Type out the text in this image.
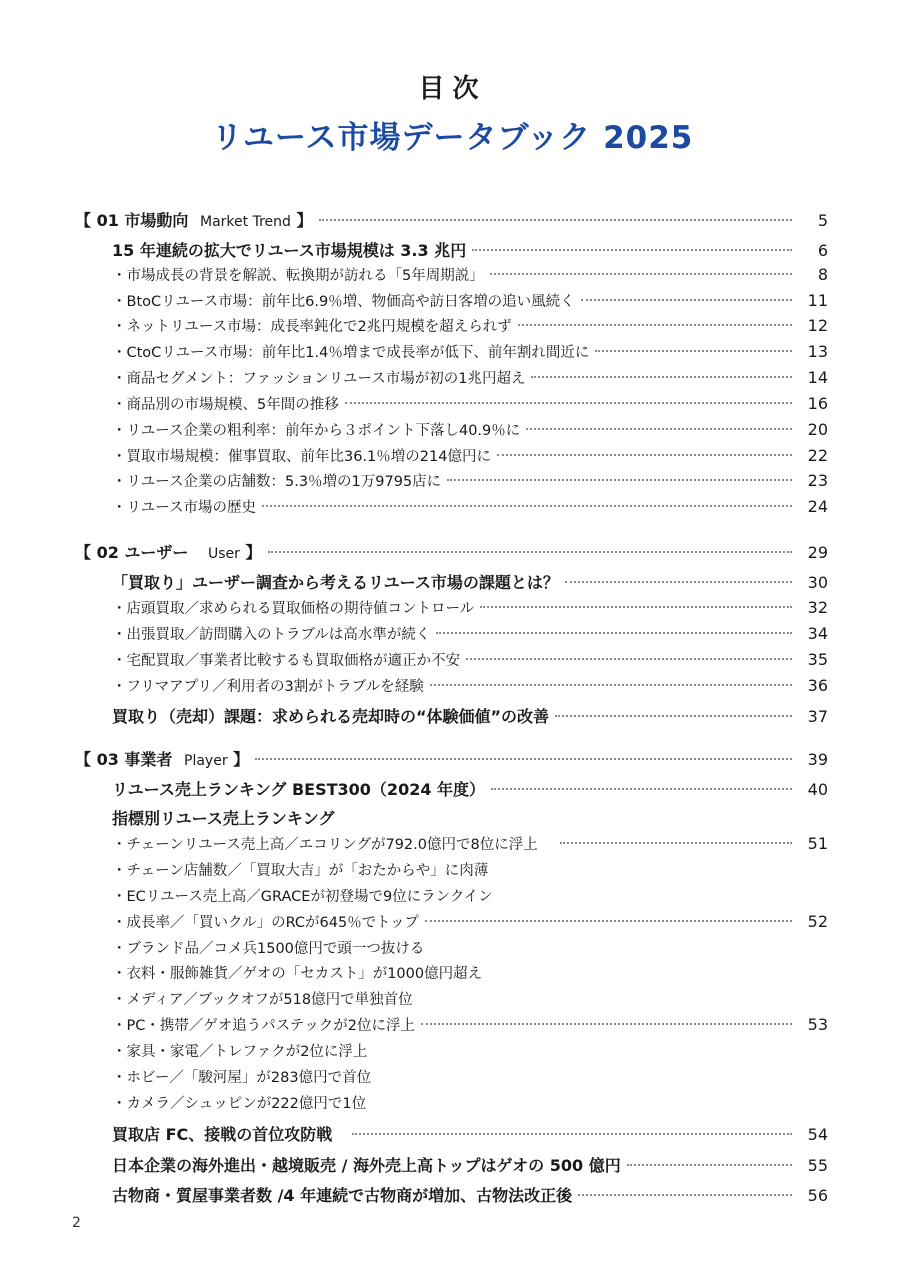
目次
リユース市場データブック 2025
【 01 市場動向 Market Trend 】	5
15 年連続の拡大でリユース市場規模は 3.3 兆円	6
・市場成長の背景を解説、転換期が訪れる「5年周期説」	8
・BtoCリユース市場：前年比6.9％増、物価高や訪日客増の追い風続く	11
・ネットリユース市場：成長率鈍化で2兆円規模を超えられず	12
・CtoCリユース市場：前年比1.4％増まで成長率が低下、前年割れ間近に	13
・商品セグメント：ファッションリユース市場が初の1兆円超え	14
・商品別の市場規模、5年間の推移	16
・リユース企業の粗利率：前年から３ポイント下落し40.9％に	20
・買取市場規模：催事買取、前年比36.1％増の214億円に	22
・リユース企業の店舗数：5.3％増の1万9795店に	23
・リユース市場の歴史	24
【 02 ユーザー User 】	29
「買取り」ユーザー調査から考えるリユース市場の課題とは？	30
・店頭買取／求められる買取価格の期待値コントロール	32
・出張買取／訪問購入のトラブルは高水準が続く	34
・宅配買取／事業者比較するも買取価格が適正か不安	35
・フリマアプリ／利用者の3割がトラブルを経験	36
買取り（売却）課題：求められる売却時の“体験価値”の改善	37
【 03 事業者 Player 】	39
リユース売上ランキング BEST300（2024 年度）	40
指標別リユース売上ランキング
・チェーンリユース売上高／エコリングが792.0億円で8位に浮上	51
・チェーン店舗数／「買取大吉」が「おたからや」に肉薄
・ECリユース売上高／GRACEが初登場で9位にランクイン
・成長率／「買いクル」のRCが645％でトップ	52
・ブランド品／コメ兵1500億円で頭一つ抜ける
・衣料・服飾雑貨／ゲオの「セカスト」が1000億円超え
・メディア／ブックオフが518億円で単独首位
・PC・携帯／ゲオ追うパステックが2位に浮上	53
・家具・家電／トレファクが2位に浮上
・ホビー／「駿河屋」が283億円で首位
・カメラ／シュッピンが222億円で1位
買取店 FC、接戦の首位攻防戦	54
日本企業の海外進出・越境販売 / 海外売上高トップはゲオの 500 億円	55
古物商・質屋事業者数 /4 年連続で古物商が増加、古物法改正後	56
2
